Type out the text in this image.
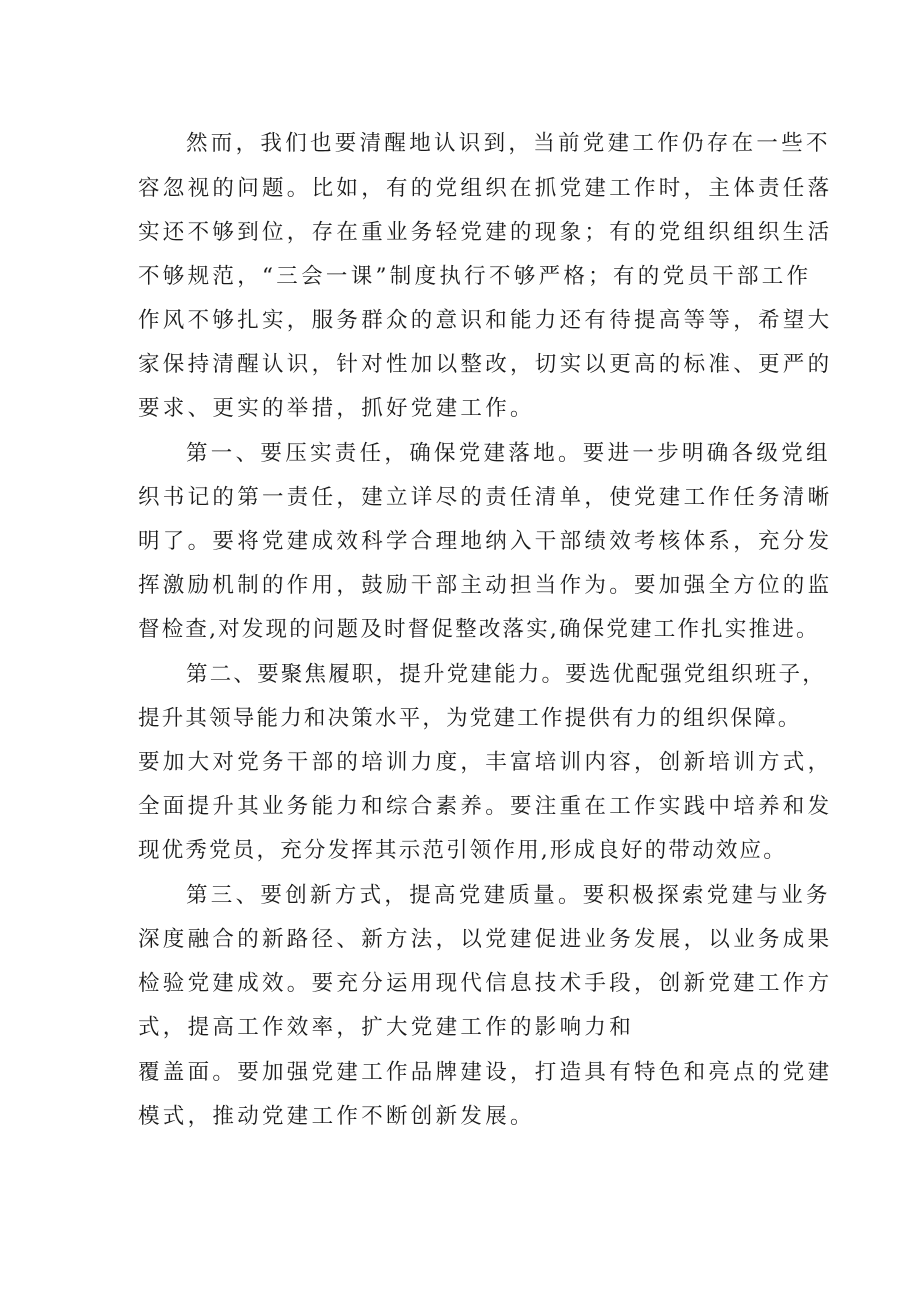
然而，我们也要清醒地认识到，当前党建工作仍存在一些不
容忽视的问题。比如，有的党组织在抓党建工作时，主体责任落
实还不够到位，存在重业务轻党建的现象；有的党组织组织生活
不够规范，“三会一课”制度执行不够严格；有的党员干部工作
作风不够扎实，服务群众的意识和能力还有待提高等等，希望大
家保持清醒认识，针对性加以整改，切实以更高的标准、更严的
要求、更实的举措，抓好党建工作。
第一、要压实责任，确保党建落地。要进一步明确各级党组
织书记的第一责任，建立详尽的责任清单，使党建工作任务清晰
明了。要将党建成效科学合理地纳入干部绩效考核体系，充分发
挥激励机制的作用，鼓励干部主动担当作为。要加强全方位的监
督检查,对发现的问题及时督促整改落实,确保党建工作扎实推进。
第二、要聚焦履职，提升党建能力。要选优配强党组织班子，
提升其领导能力和决策水平，为党建工作提供有力的组织保障。
要加大对党务干部的培训力度，丰富培训内容，创新培训方式，
全面提升其业务能力和综合素养。要注重在工作实践中培养和发
现优秀党员，充分发挥其示范引领作用,形成良好的带动效应。
第三、要创新方式，提高党建质量。要积极探索党建与业务
深度融合的新路径、新方法，以党建促进业务发展，以业务成果
检验党建成效。要充分运用现代信息技术手段，创新党建工作方
式，提高工作效率，扩大党建工作的影响力和
覆盖面。要加强党建工作品牌建设，打造具有特色和亮点的党建
模式，推动党建工作不断创新发展。
